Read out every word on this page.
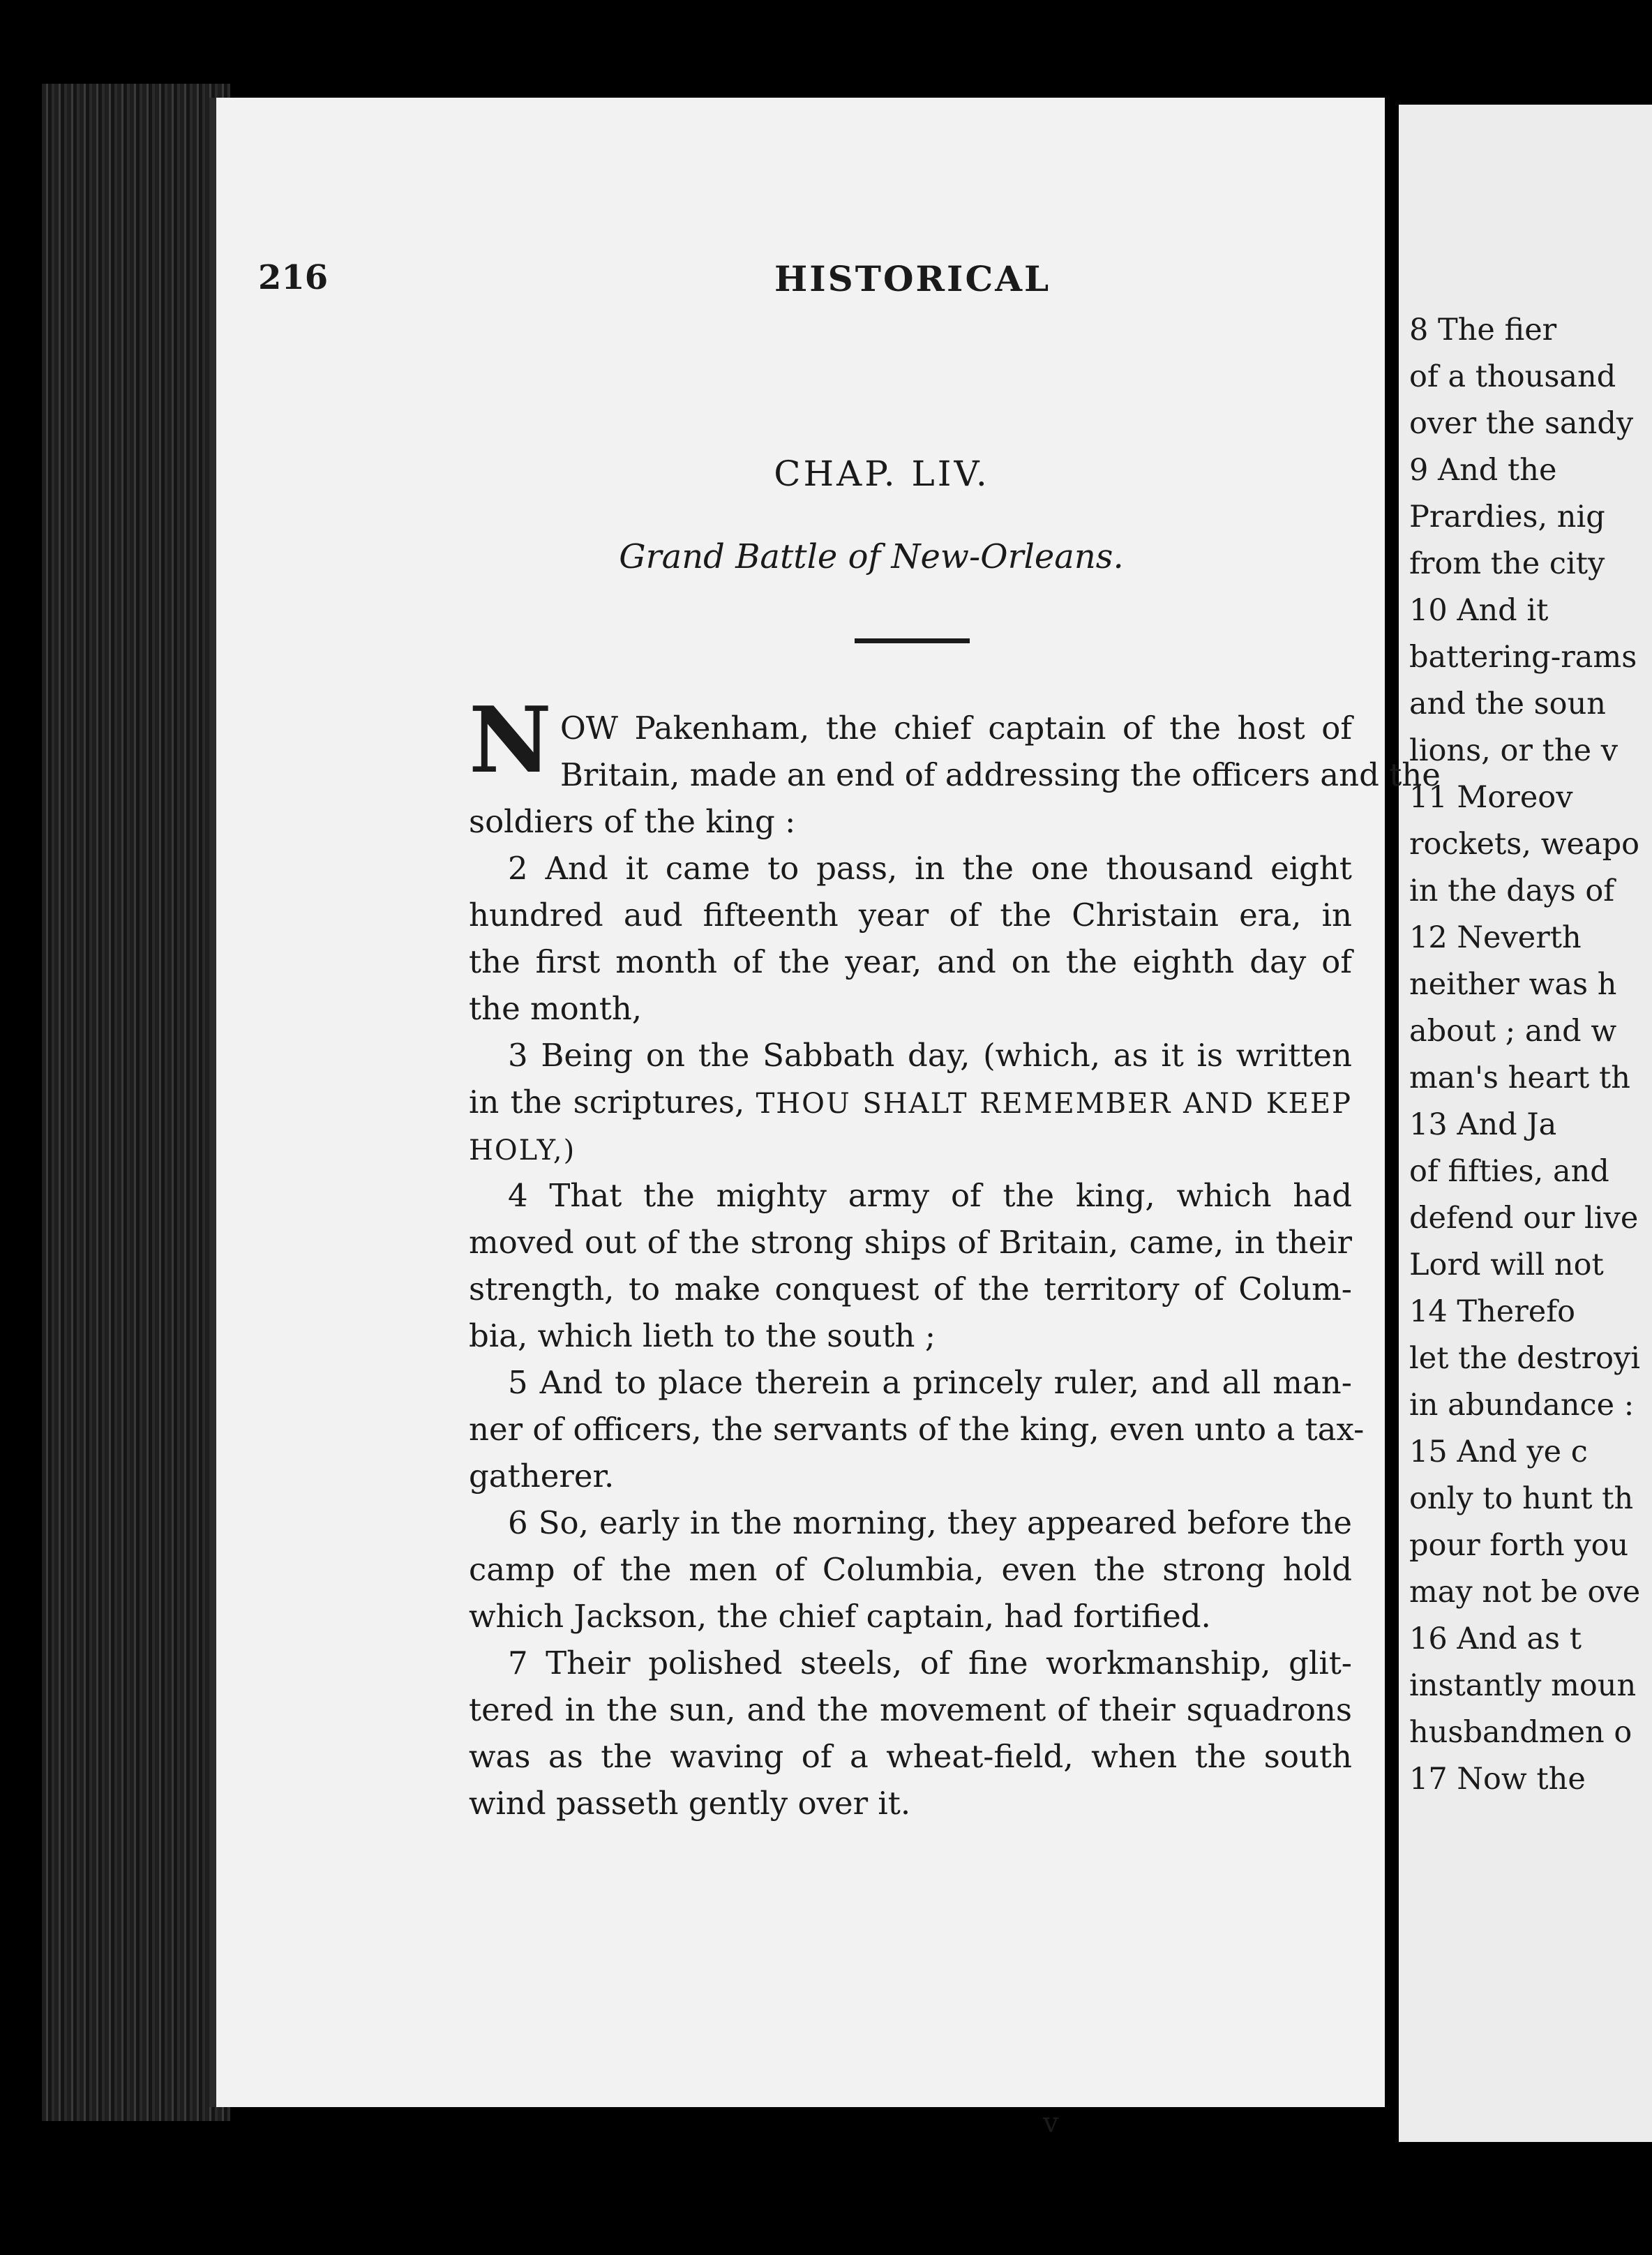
216	HISTORICAL
CHAP. LIV.
Grand Battle of New-Orleans.
N OW Pakenham, the chief captain of the host of
Britain, made an end of addressing the officers and the
soldiers of the king :
2 And it came to pass, in the one thousand eight
hundred aud fifteenth year of the Christain era, in
the first month of the year, and on the eighth day of
the month,
3 Being on the Sabbath day, (which, as it is written
in the scriptures, THOU SHALT REMEMBER AND KEEP
HOLY,)
4 That the mighty army of the king, which had
moved out of the strong ships of Britain, came, in their
strength, to make conquest of the territory of Colum-
bia, which lieth to the south ;
5 And to place therein a princely ruler, and all man-
ner of officers, the servants of the king, even unto a tax-
gatherer.
6 So, early in the morning, they appeared before the
camp of the men of Columbia, even the strong hold
which Jackson, the chief captain, had fortified.
7 Their polished steels, of fine workmanship, glit-
tered in the sun, and the movement of their squadrons
was as the waving of a wheat-field, when the south
wind passeth gently over it.
v
8 The fier
of a thousand
over the sandy
9 And the
Prardies, nig
from the city
10 And it
battering-rams
and the soun
lions, or the v
11 Moreov
rockets, weapo
in the days of
12 Neverth
neither was h
about ; and w
man's heart th
13 And Ja
of fifties, and
defend our live
Lord will not
14 Therefo
let the destroyi
in abundance :
15 And ye c
only to hunt th
pour forth you
may not be ove
16 And as t
instantly moun
husbandmen o
17 Now the
